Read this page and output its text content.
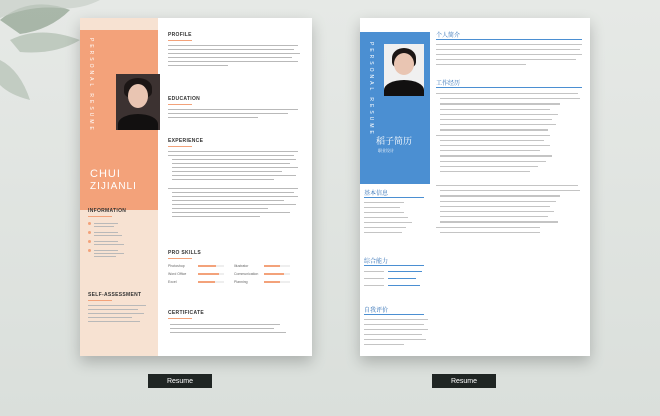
PERSONAL RESUME
CHUI
ZIJIANLI
INFORMATION
SELF-ASSESSMENT
PROFILE
EDUCATION
EXPERIENCE
PRO SKILLS
CERTIFICATE
Photoshop	Illustrator
Word Office	Communication
Excel	Planning
PERSONAL RESUME
稻子简历
职业设计
基本信息
综合能力
自我评价
个人简介
工作经历
Resume	Resume
